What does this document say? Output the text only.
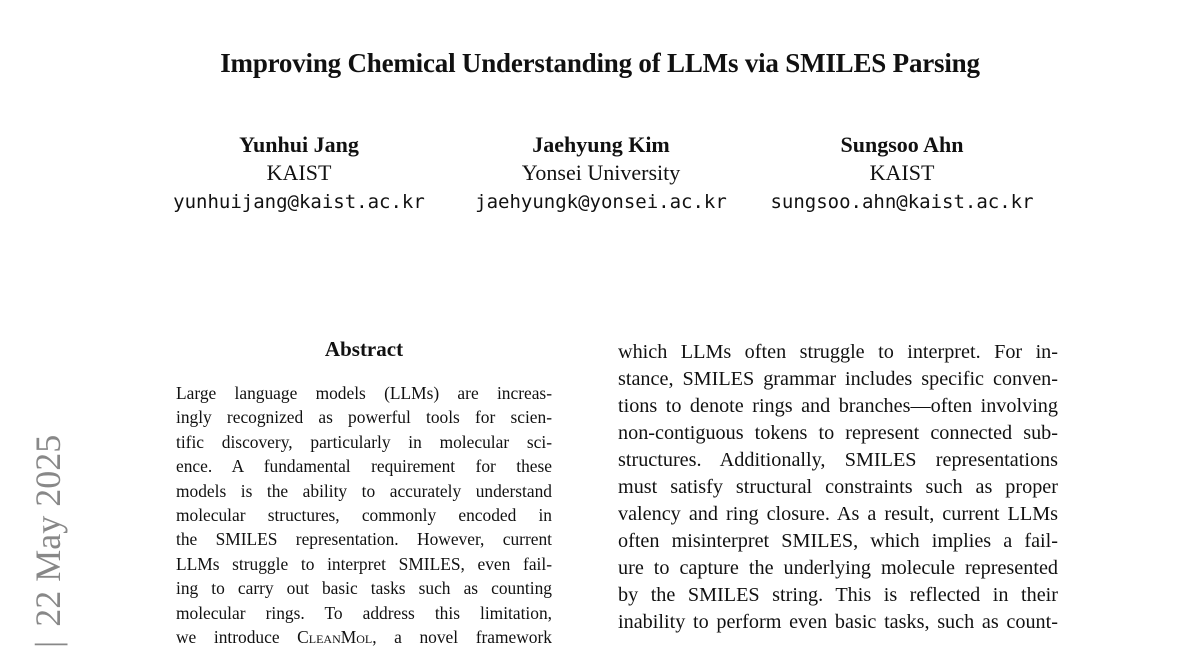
Improving Chemical Understanding of LLMs via SMILES Parsing
Yunhui Jang
KAIST
yunhuijang@kaist.ac.kr
Jaehyung Kim
Yonsei University
jaehyungk@yonsei.ac.kr
Sungsoo Ahn
KAIST
sungsoo.ahn@kaist.ac.kr
|22 May 2025
Abstract
Large language models (LLMs) are increas-
ingly recognized as powerful tools for scien-
tific discovery, particularly in molecular sci-
ence. A fundamental requirement for these
models is the ability to accurately understand
molecular structures, commonly encoded in
the SMILES representation. However, current
LLMs struggle to interpret SMILES, even fail-
ing to carry out basic tasks such as counting
molecular rings. To address this limitation,
we introduce CleanMol, a novel framework
which LLMs often struggle to interpret. For in-
stance, SMILES grammar includes specific conven-
tions to denote rings and branches—often involving
non-contiguous tokens to represent connected sub-
structures. Additionally, SMILES representations
must satisfy structural constraints such as proper
valency and ring closure. As a result, current LLMs
often misinterpret SMILES, which implies a fail-
ure to capture the underlying molecule represented
by the SMILES string. This is reflected in their
inability to perform even basic tasks, such as count-
